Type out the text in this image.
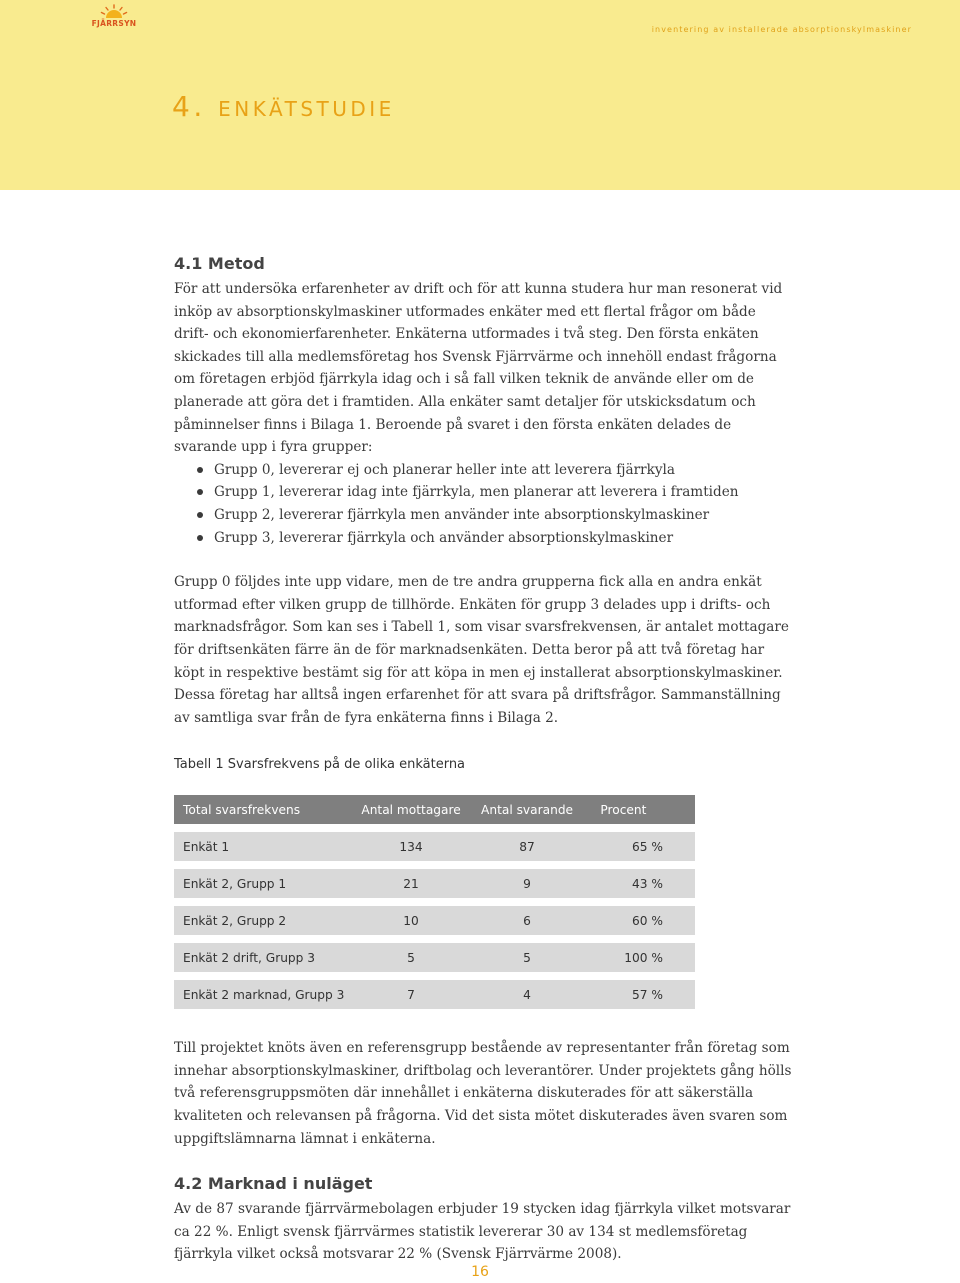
FJÄRRSYN
inventering av installerade absorptionskylmaskiner
4. enkätstudie
4.1 Metod

För att undersöka erfarenheter av drift och för att kunna studera hur man resonerat vid inköp av absorptionskylmaskiner utformades enkäter med ett flertal frågor om både drift- och ekonomierfarenheter. Enkäterna utformades i två steg. Den första enkäten skickades till alla medlemsföretag hos Svensk Fjärrvärme och innehöll endast frågorna om företagen erbjöd fjärrkyla idag och i så fall vilken teknik de använde eller om de planerade att göra det i framtiden. Alla enkäter samt detaljer för utskicksdatum och påminnelser finns i Bilaga 1. Beroende på svaret i den första enkäten delades de svarande upp i fyra grupper:

Grupp 0, levererar ej och planerar heller inte att leverera fjärrkyla
Grupp 1, levererar idag inte fjärrkyla, men planerar att leverera i framtiden
Grupp 2, levererar fjärrkyla men använder inte absorptionskylmaskiner
Grupp 3, levererar fjärrkyla och använder absorptionskylmaskiner

Grupp 0 följdes inte upp vidare, men de tre andra grupperna fick alla en andra enkät utformad efter vilken grupp de tillhörde. Enkäten för grupp 3 delades upp i drifts- och marknadsfrågor. Som kan ses i Tabell 1, som visar svarsfrekvensen, är antalet mottagare för driftsenkäten färre än de för marknadsenkäten. Detta beror på att två företag har köpt in respektive bestämt sig för att köpa in men ej installerat absorptionskylmaskiner. Dessa företag har alltså ingen erfarenhet för att svara på driftsfrågor. Sammanställning av samtliga svar från de fyra enkäterna finns i Bilaga 2.

Tabell 1 Svarsfrekvens på de olika enkäterna
Total svarsfrekvens	Antal mottagare	Antal svarande	Procent

Enkät 1	134	87	65 %

Enkät 2, Grupp 1	21	9	43 %

Enkät 2, Grupp 2	10	6	60 %

Enkät 2 drift, Grupp 3	5	5	100 %

Enkät 2 marknad, Grupp 3	7	4	57 %

Till projektet knöts även en referensgrupp bestående av representanter från företag som innehar absorptionskylmaskiner, driftbolag och leverantörer. Under projektets gång hölls två referensgruppsmöten där innehållet i enkäterna diskuterades för att säkerställa kvaliteten och relevansen på frågorna. Vid det sista mötet diskuterades även svaren som uppgiftslämnarna lämnat i enkäterna.

4.2 Marknad i nuläget

Av de 87 svarande fjärrvärmebolagen erbjuder 19 stycken idag fjärrkyla vilket motsvarar ca 22 %. Enligt svensk fjärrvärmes statistik levererar 30 av 134 st medlemsföretag fjärrkyla vilket också motsvarar 22 % (Svensk Fjärrvärme 2008).

16
